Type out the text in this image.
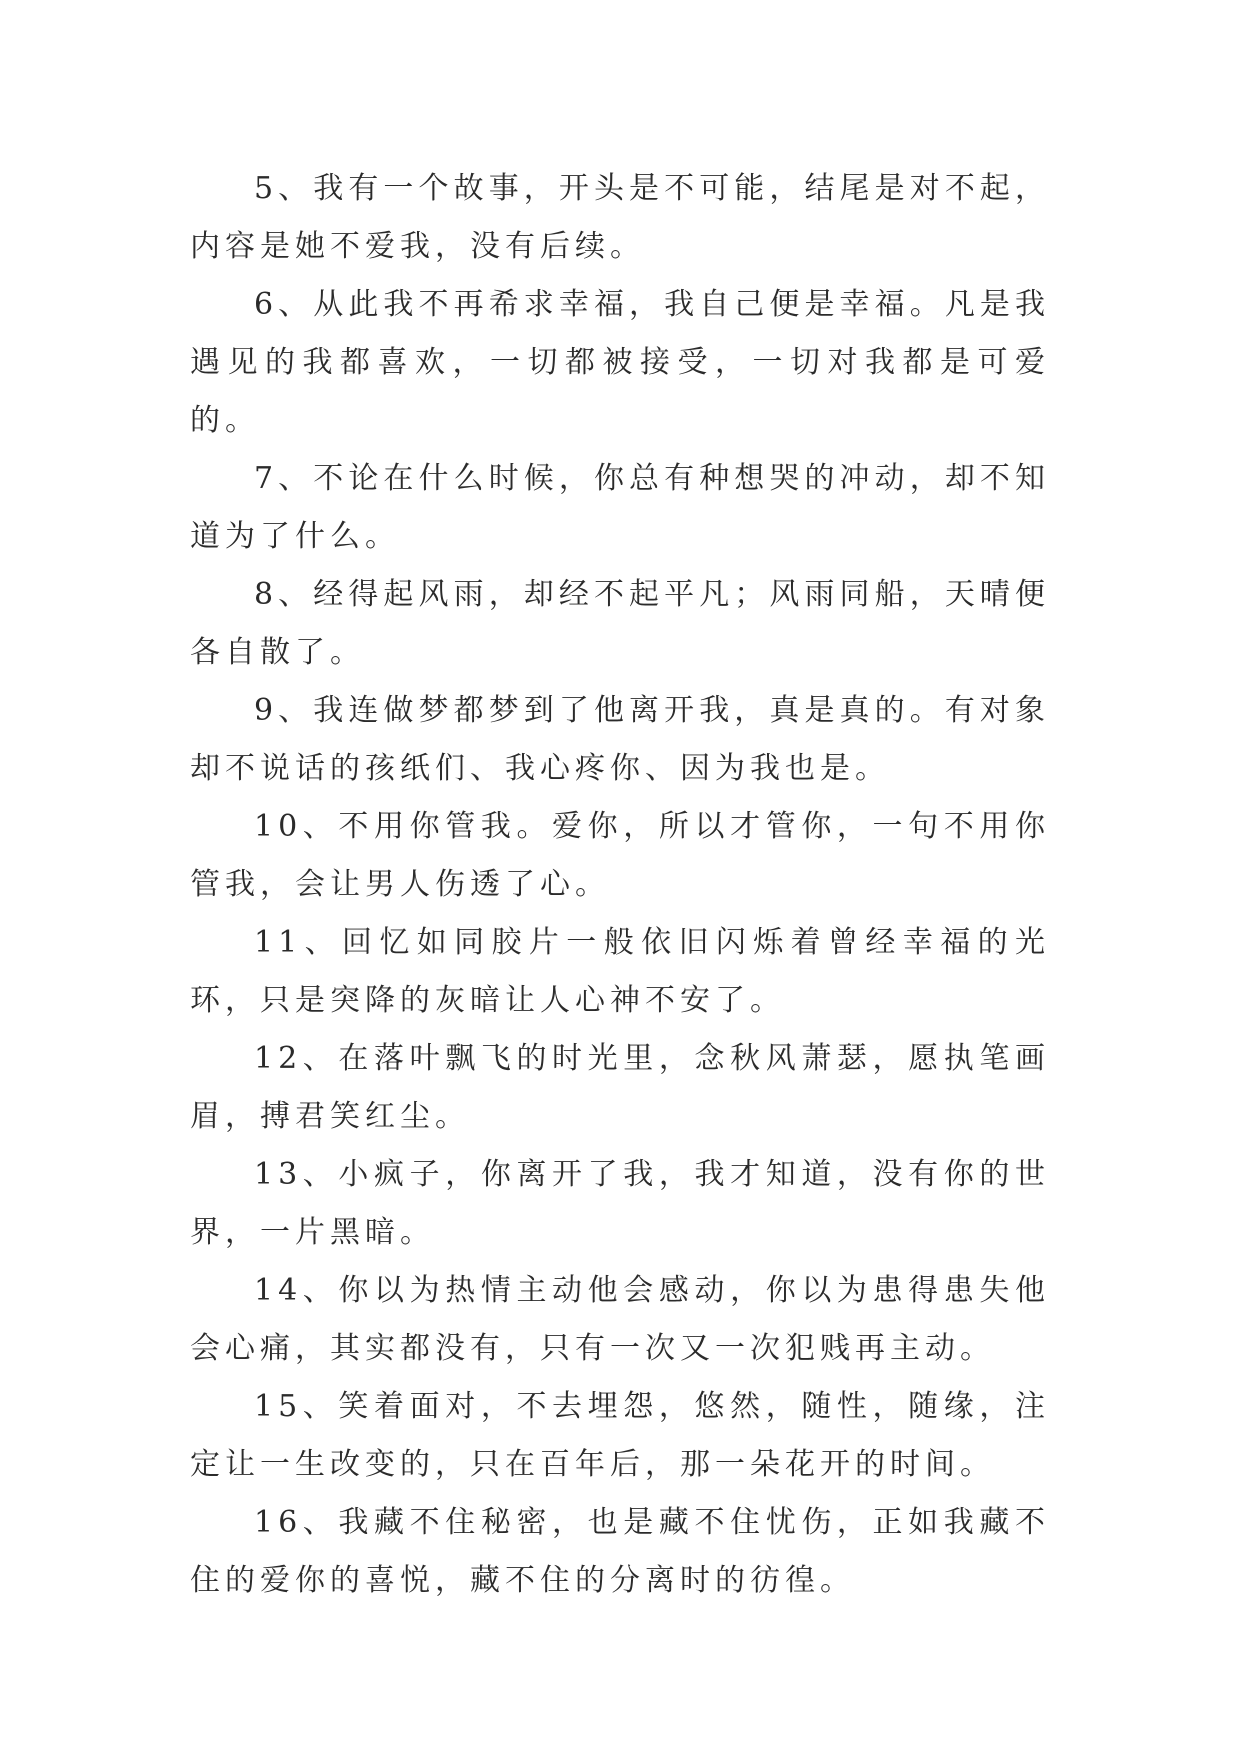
5、我有一个故事，开头是不可能，结尾是对不起，内容是她不爱我，没有后续。

6、从此我不再希求幸福，我自己便是幸福。凡是我遇见的我都喜欢，一切都被接受，一切对我都是可爱的。

7、不论在什么时候，你总有种想哭的冲动，却不知道为了什么。

8、经得起风雨，却经不起平凡；风雨同船，天晴便各自散了。

9、我连做梦都梦到了他离开我，真是真的。有对象却不说话的孩纸们、我心疼你、因为我也是。

10、不用你管我。爱你，所以才管你，一句不用你管我，会让男人伤透了心。

11、回忆如同胶片一般依旧闪烁着曾经幸福的光环，只是突降的灰暗让人心神不安了。

12、在落叶飘飞的时光里，念秋风萧瑟，愿执笔画眉，搏君笑红尘。

13、小疯子，你离开了我，我才知道，没有你的世界，一片黑暗。

14、你以为热情主动他会感动，你以为患得患失他会心痛，其实都没有，只有一次又一次犯贱再主动。

15、笑着面对，不去埋怨，悠然，随性，随缘，注定让一生改变的，只在百年后，那一朵花开的时间。

16、我藏不住秘密，也是藏不住忧伤，正如我藏不住的爱你的喜悦，藏不住的分离时的彷徨。
